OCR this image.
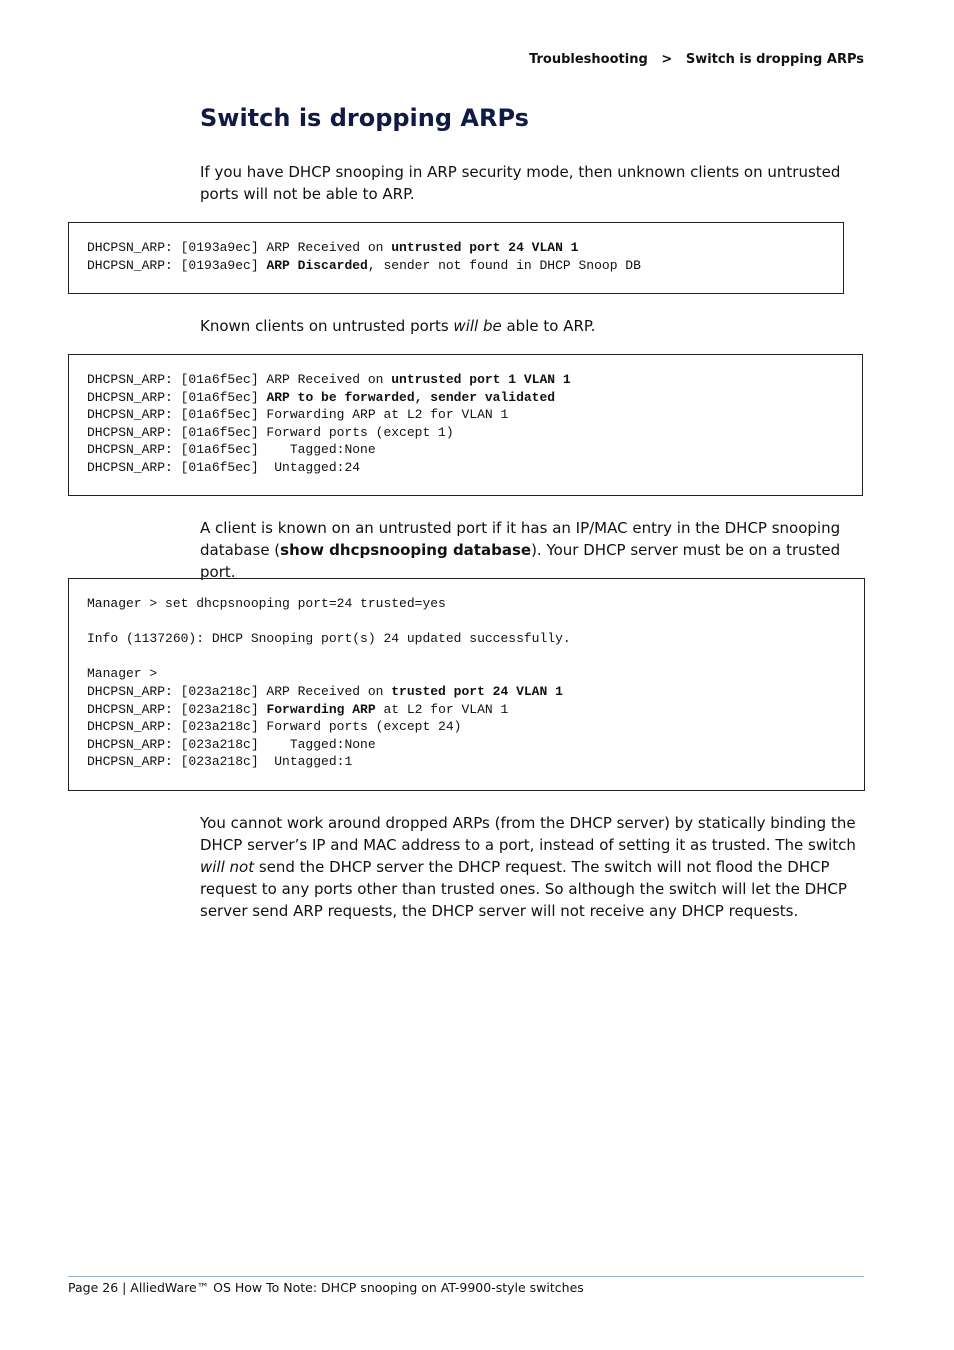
Troubleshooting > Switch is dropping ARPs
Switch is dropping ARPs

If you have DHCP snooping in ARP security mode, then unknown clients on untrusted ports will not be able to ARP.

DHCPSN_ARP: [0193a9ec] ARP Received on untrusted port 24 VLAN 1
DHCPSN_ARP: [0193a9ec] ARP Discarded, sender not found in DHCP Snoop DB

Known clients on untrusted ports will be able to ARP.

DHCPSN_ARP: [01a6f5ec] ARP Received on untrusted port 1 VLAN 1
DHCPSN_ARP: [01a6f5ec] ARP to be forwarded, sender validated
DHCPSN_ARP: [01a6f5ec] Forwarding ARP at L2 for VLAN 1
DHCPSN_ARP: [01a6f5ec] Forward ports (except 1)
DHCPSN_ARP: [01a6f5ec]    Tagged:None
DHCPSN_ARP: [01a6f5ec]  Untagged:24

A client is known on an untrusted port if it has an IP/MAC entry in the DHCP snooping database (show dhcpsnooping database). Your DHCP server must be on a trusted port.

Manager > set dhcpsnooping port=24 trusted=yes
Info (1137260): DHCP Snooping port(s) 24 updated successfully.
Manager >
DHCPSN_ARP: [023a218c] ARP Received on trusted port 24 VLAN 1
DHCPSN_ARP: [023a218c] Forwarding ARP at L2 for VLAN 1
DHCPSN_ARP: [023a218c] Forward ports (except 24)
DHCPSN_ARP: [023a218c]    Tagged:None
DHCPSN_ARP: [023a218c]  Untagged:1

You cannot work around dropped ARPs (from the DHCP server) by statically binding the DHCP server’s IP and MAC address to a port, instead of setting it as trusted. The switch will not send the DHCP server the DHCP request. The switch will not flood the DHCP request to any ports other than trusted ones. So although the switch will let the DHCP server send ARP requests, the DHCP server will not receive any DHCP requests.

Page 26 | AlliedWare™ OS How To Note: DHCP snooping on AT-9900-style switches
